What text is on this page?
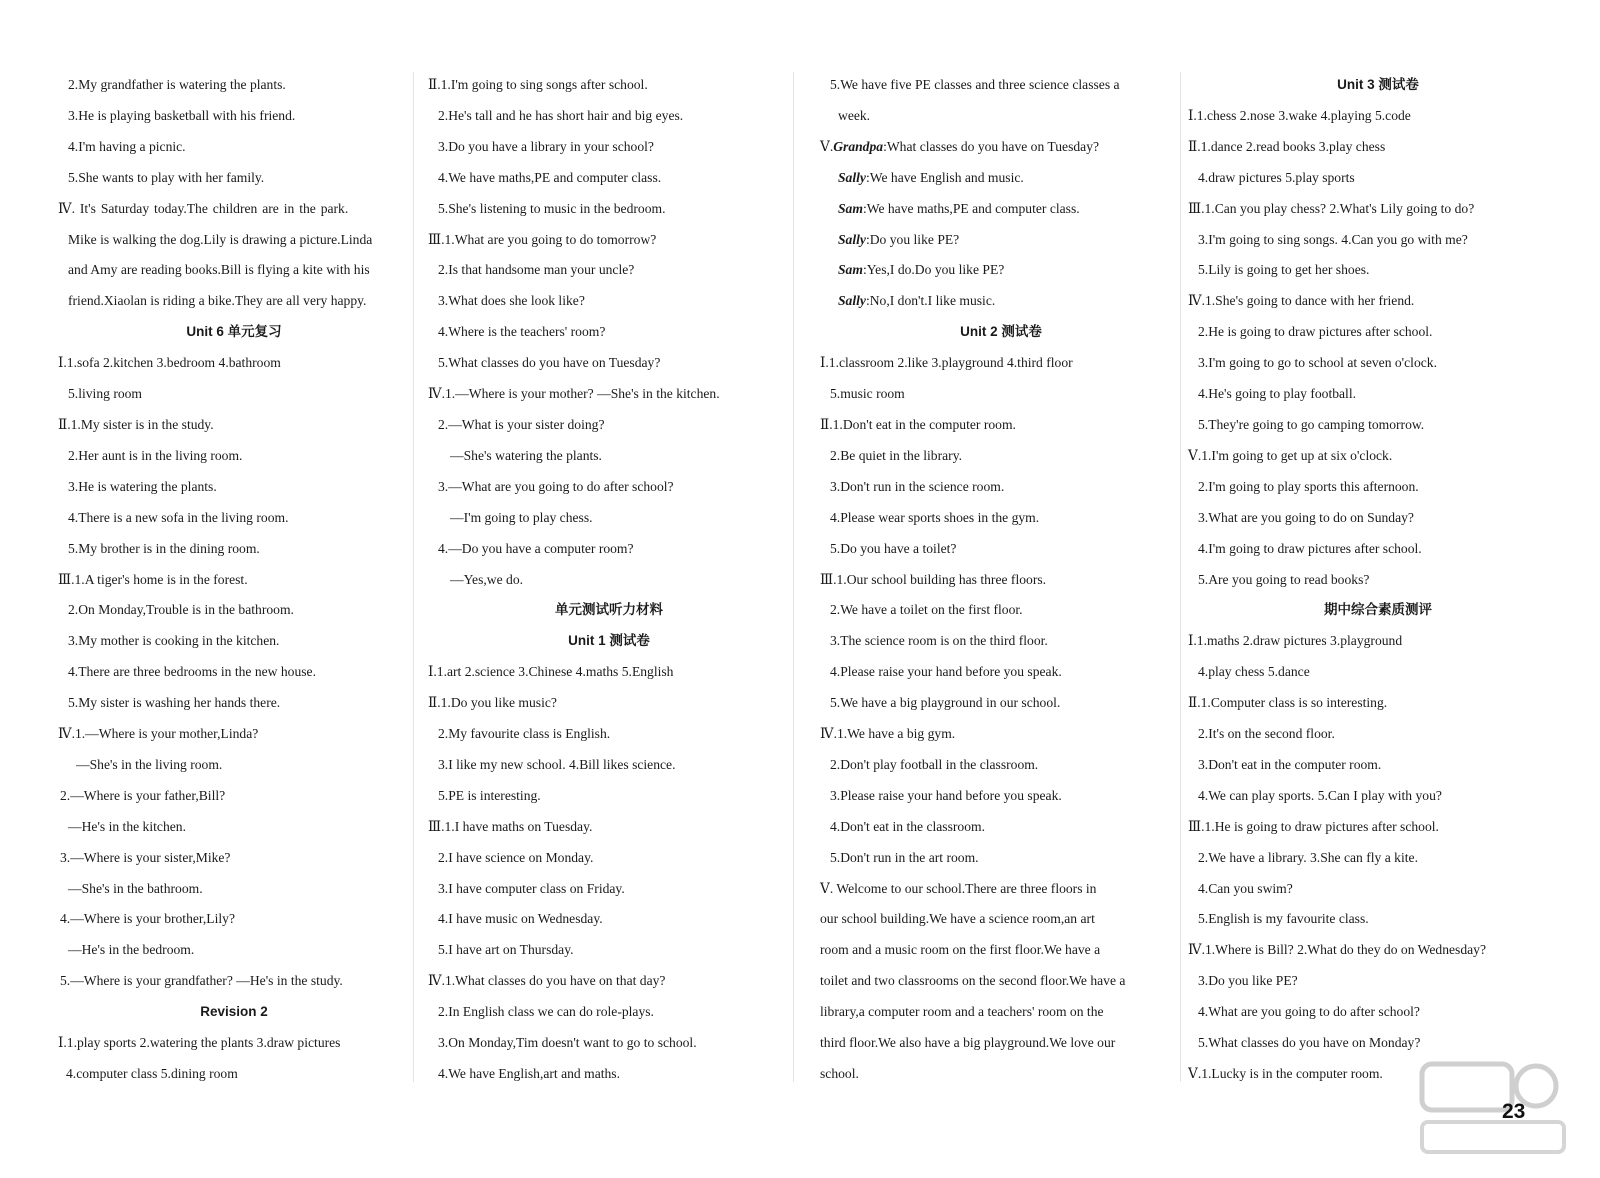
2.My grandfather is watering the plants.
3.He is playing basketball with his friend.
4.I'm having a picnic.
5.She wants to play with her family.
Ⅳ. It's Saturday today.The children are in the park.
Mike is walking the dog.Lily is drawing a picture.Linda
and Amy are reading books.Bill is flying a kite with his
friend.Xiaolan is riding a bike.They are all very happy.
Unit 6 单元复习
Ⅰ.1.sofa 2.kitchen 3.bedroom 4.bathroom
5.living room
Ⅱ.1.My sister is in the study.
2.Her aunt is in the living room.
3.He is watering the plants.
4.There is a new sofa in the living room.
5.My brother is in the dining room.
Ⅲ.1.A tiger's home is in the forest.
2.On Monday,Trouble is in the bathroom.
3.My mother is cooking in the kitchen.
4.There are three bedrooms in the new house.
5.My sister is washing her hands there.
Ⅳ.1.—Where is your mother,Linda?
—She's in the living room.
2.—Where is your father,Bill?
—He's in the kitchen.
3.—Where is your sister,Mike?
—She's in the bathroom.
4.—Where is your brother,Lily?
—He's in the bedroom.
5.—Where is your grandfather? —He's in the study.
Revision 2
Ⅰ.1.play sports 2.watering the plants 3.draw pictures
4.computer class 5.dining room
Ⅱ.1.I'm going to sing songs after school.
2.He's tall and he has short hair and big eyes.
3.Do you have a library in your school?
4.We have maths,PE and computer class.
5.She's listening to music in the bedroom.
Ⅲ.1.What are you going to do tomorrow?
2.Is that handsome man your uncle?
3.What does she look like?
4.Where is the teachers' room?
5.What classes do you have on Tuesday?
Ⅳ.1.—Where is your mother? —She's in the kitchen.
2.—What is your sister doing?
—She's watering the plants.
3.—What are you going to do after school?
—I'm going to play chess.
4.—Do you have a computer room?
—Yes,we do.
单元测试听力材料
Unit 1 测试卷
Ⅰ.1.art 2.science 3.Chinese 4.maths 5.English
Ⅱ.1.Do you like music?
2.My favourite class is English.
3.I like my new school. 4.Bill likes science.
5.PE is interesting.
Ⅲ.1.I have maths on Tuesday.
2.I have science on Monday.
3.I have computer class on Friday.
4.I have music on Wednesday.
5.I have art on Thursday.
Ⅳ.1.What classes do you have on that day?
2.In English class we can do role-plays.
3.On Monday,Tim doesn't want to go to school.
4.We have English,art and maths.
5.We have five PE classes and three science classes a
week.
Ⅴ.Grandpa:What classes do you have on Tuesday?
Sally:We have English and music.
Sam:We have maths,PE and computer class.
Sally:Do you like PE?
Sam:Yes,I do.Do you like PE?
Sally:No,I don't.I like music.
Unit 2 测试卷
Ⅰ.1.classroom 2.like 3.playground 4.third floor
5.music room
Ⅱ.1.Don't eat in the computer room.
2.Be quiet in the library.
3.Don't run in the science room.
4.Please wear sports shoes in the gym.
5.Do you have a toilet?
Ⅲ.1.Our school building has three floors.
2.We have a toilet on the first floor.
3.The science room is on the third floor.
4.Please raise your hand before you speak.
5.We have a big playground in our school.
Ⅳ.1.We have a big gym.
2.Don't play football in the classroom.
3.Please raise your hand before you speak.
4.Don't eat in the classroom.
5.Don't run in the art room.
Ⅴ. Welcome to our school.There are three floors in
our school building.We have a science room,an art
room and a music room on the first floor.We have a
toilet and two classrooms on the second floor.We have a
library,a computer room and a teachers' room on the
third floor.We also have a big playground.We love our
school.
Unit 3 测试卷
Ⅰ.1.chess 2.nose 3.wake 4.playing 5.code
Ⅱ.1.dance 2.read books 3.play chess
4.draw pictures 5.play sports
Ⅲ.1.Can you play chess? 2.What's Lily going to do?
3.I'm going to sing songs. 4.Can you go with me?
5.Lily is going to get her shoes.
Ⅳ.1.She's going to dance with her friend.
2.He is going to draw pictures after school.
3.I'm going to go to school at seven o'clock.
4.He's going to play football.
5.They're going to go camping tomorrow.
Ⅴ.1.I'm going to get up at six o'clock.
2.I'm going to play sports this afternoon.
3.What are you going to do on Sunday?
4.I'm going to draw pictures after school.
5.Are you going to read books?
期中综合素质测评
Ⅰ.1.maths 2.draw pictures 3.playground
4.play chess 5.dance
Ⅱ.1.Computer class is so interesting.
2.It's on the second floor.
3.Don't eat in the computer room.
4.We can play sports. 5.Can I play with you?
Ⅲ.1.He is going to draw pictures after school.
2.We have a library. 3.She can fly a kite.
4.Can you swim?
5.English is my favourite class.
Ⅳ.1.Where is Bill? 2.What do they do on Wednesday?
3.Do you like PE?
4.What are you going to do after school?
5.What classes do you have on Monday?
Ⅴ.1.Lucky is in the computer room.
23
